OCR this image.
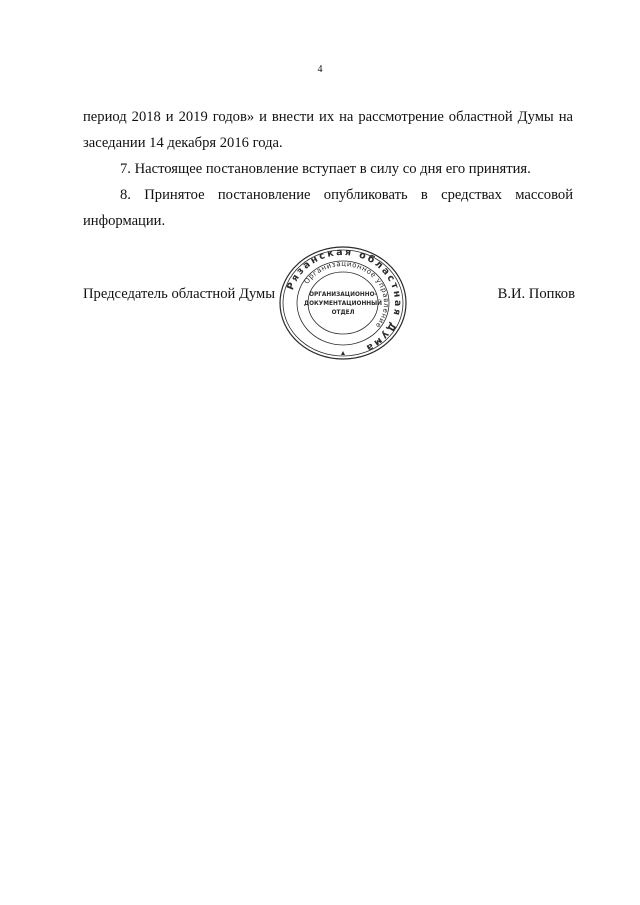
4

период 2018 и 2019 годов» и внести их на рассмотрение областной Думы на заседании 14 декабря 2016 года.

7. Настоящее постановление вступает в силу со дня его принятия.

8. Принятое постановление опубликовать в средствах массовой информации.

Председатель областной Думы	В.И. Попков
Рязанская областная Дума
Организационное управление
ОРГАНИЗАЦИОННО-
ДОКУМЕНТАЦИОННЫЙ
ОТДЕЛ
